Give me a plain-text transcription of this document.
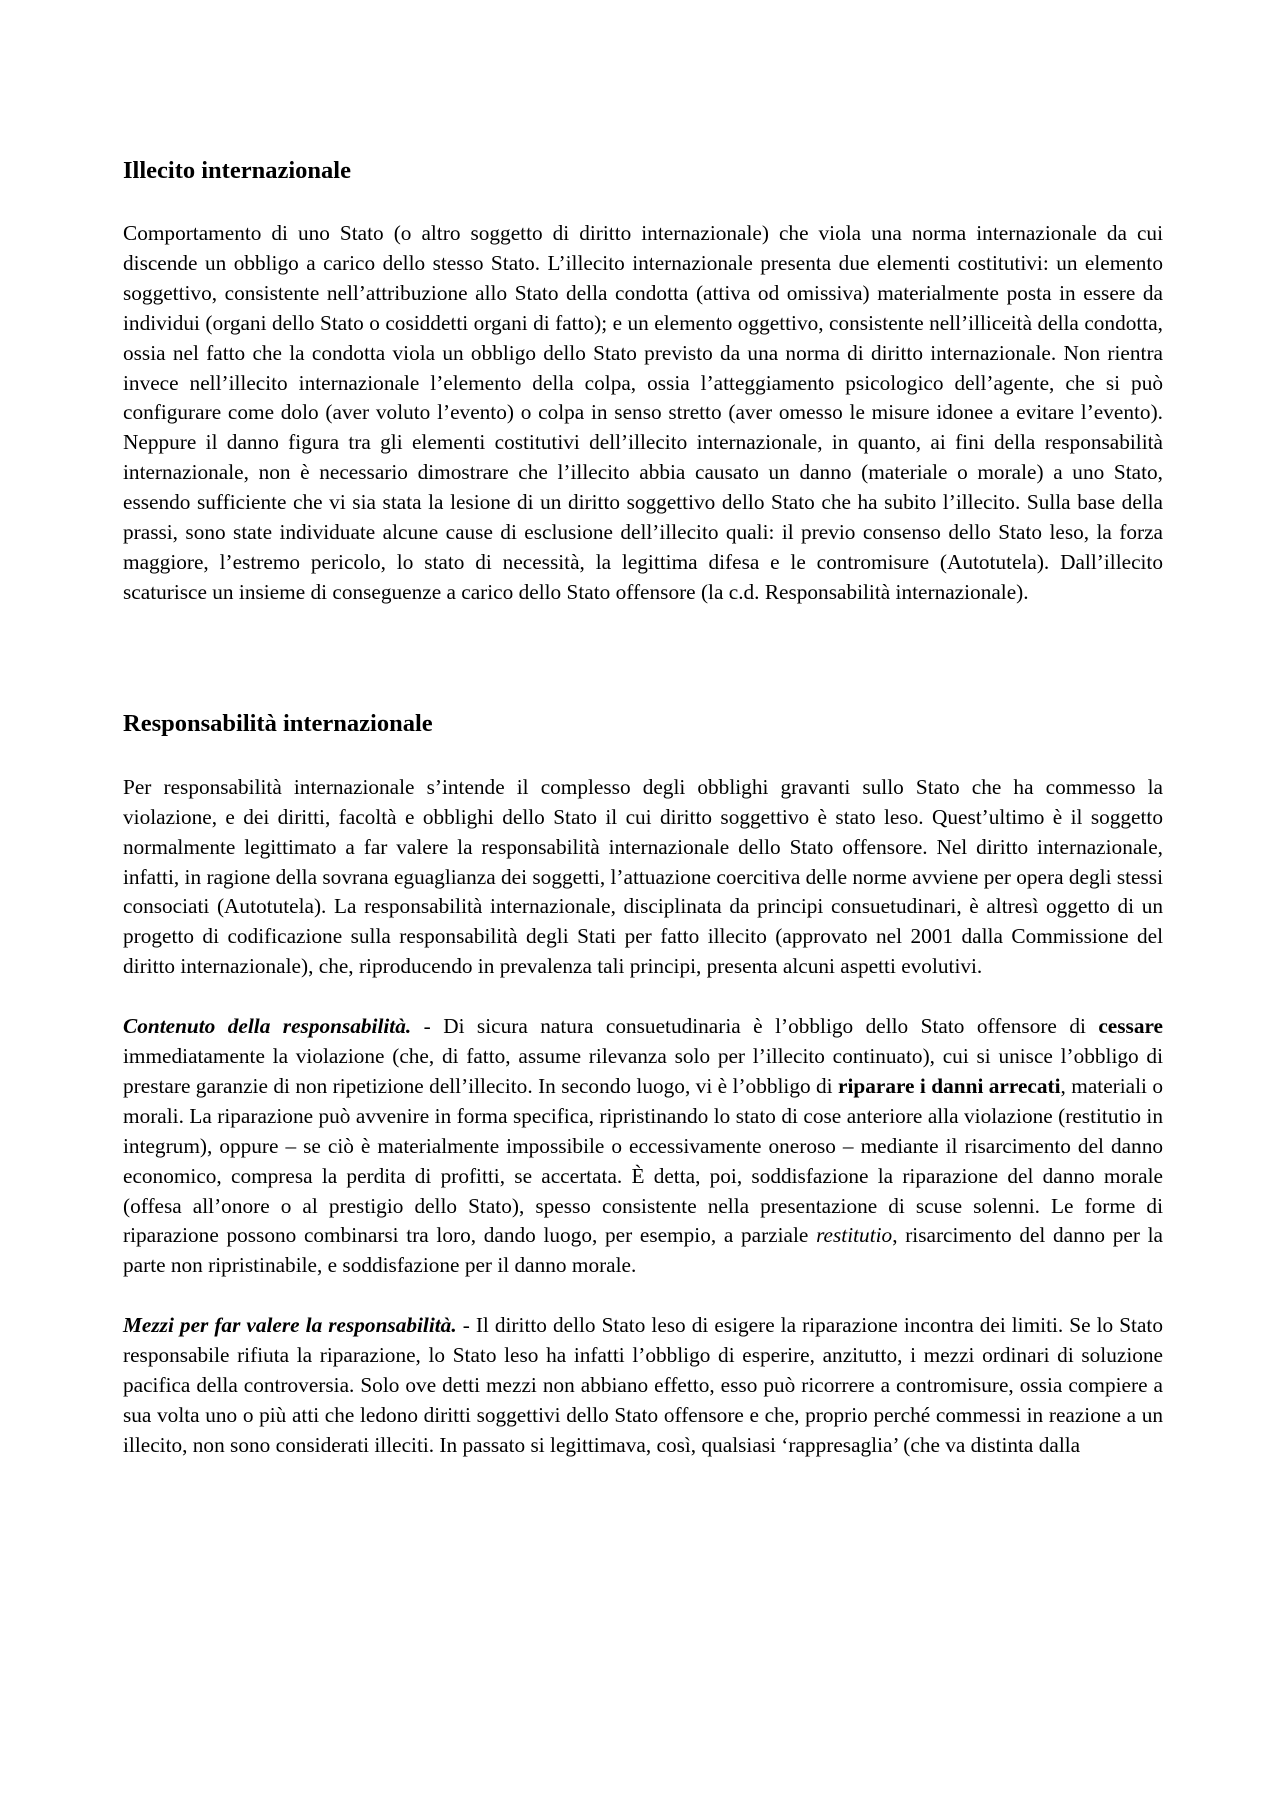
Illecito internazionale

Comportamento di uno Stato (o altro soggetto di diritto internazionale) che viola una norma internazionale da cui discende un obbligo a carico dello stesso Stato. L’illecito internazionale presenta due elementi costitutivi: un elemento soggettivo, consistente nell’attribuzione allo Stato della condotta (attiva od omissiva) materialmente posta in essere da individui (organi dello Stato o cosiddetti organi di fatto); e un elemento oggettivo, consistente nell’illiceità della condotta, ossia nel fatto che la condotta viola un obbligo dello Stato previsto da una norma di diritto internazionale. Non rientra invece nell’illecito internazionale l’elemento della colpa, ossia l’atteggiamento psicologico dell’agente, che si può configurare come dolo (aver voluto l’evento) o colpa in senso stretto (aver omesso le misure idonee a evitare l’evento). Neppure il danno figura tra gli elementi costitutivi dell’illecito internazionale, in quanto, ai fini della responsabilità internazionale, non è necessario dimostrare che l’illecito abbia causato un danno (materiale o morale) a uno Stato, essendo sufficiente che vi sia stata la lesione di un diritto soggettivo dello Stato che ha subito l’illecito. Sulla base della prassi, sono state individuate alcune cause di esclusione dell’illecito quali: il previo consenso dello Stato leso, la forza maggiore, l’estremo pericolo, lo stato di necessità, la legittima difesa e le contromisure (Autotutela). Dall’illecito scaturisce un insieme di conseguenze a carico dello Stato offensore (la c.d. Responsabilità internazionale).

Responsabilità internazionale

Per responsabilità internazionale s’intende il complesso degli obblighi gravanti sullo Stato che ha commesso la violazione, e dei diritti, facoltà e obblighi dello Stato il cui diritto soggettivo è stato leso. Quest’ultimo è il soggetto normalmente legittimato a far valere la responsabilità internazionale dello Stato offensore. Nel diritto internazionale, infatti, in ragione della sovrana eguaglianza dei soggetti, l’attuazione coercitiva delle norme avviene per opera degli stessi consociati (Autotutela). La responsabilità internazionale, disciplinata da principi consuetudinari, è altresì oggetto di un progetto di codificazione sulla responsabilità degli Stati per fatto illecito (approvato nel 2001 dalla Commissione del diritto internazionale), che, riproducendo in prevalenza tali principi, presenta alcuni aspetti evolutivi.

Contenuto della responsabilità. - Di sicura natura consuetudinaria è l’obbligo dello Stato offensore di cessare immediatamente la violazione (che, di fatto, assume rilevanza solo per l’illecito continuato), cui si unisce l’obbligo di prestare garanzie di non ripetizione dell’illecito. In secondo luogo, vi è l’obbligo di riparare i danni arrecati, materiali o morali. La riparazione può avvenire in forma specifica, ripristinando lo stato di cose anteriore alla violazione (restitutio in integrum), oppure – se ciò è materialmente impossibile o eccessivamente oneroso – mediante il risarcimento del danno economico, compresa la perdita di profitti, se accertata. È detta, poi, soddisfazione la riparazione del danno morale (offesa all’onore o al prestigio dello Stato), spesso consistente nella presentazione di scuse solenni. Le forme di riparazione possono combinarsi tra loro, dando luogo, per esempio, a parziale restitutio, risarcimento del danno per la parte non ripristinabile, e soddisfazione per il danno morale.

Mezzi per far valere la responsabilità. - Il diritto dello Stato leso di esigere la riparazione incontra dei limiti. Se lo Stato responsabile rifiuta la riparazione, lo Stato leso ha infatti l’obbligo di esperire, anzitutto, i mezzi ordinari di soluzione pacifica della controversia. Solo ove detti mezzi non abbiano effetto, esso può ricorrere a contromisure, ossia compiere a sua volta uno o più atti che ledono diritti soggettivi dello Stato offensore e che, proprio perché commessi in reazione a un illecito, non sono considerati illeciti. In passato si legittimava, così, qualsiasi ‘rappresaglia’ (che va distinta dalla
